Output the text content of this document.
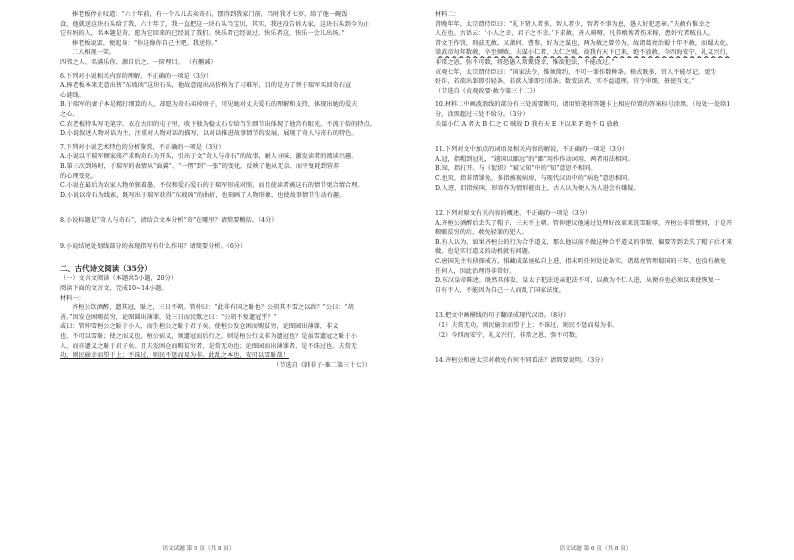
捧老板停止叹道：“六十年前，有一个儿儿去卖奇石，摆得到我家门前，当时我才七岁，给了他一碗饭
食，他就送这块石头给了我，六十年了，我一直把这一块石头当宝贝，其实，我还没告诉大家，这块石头到今为止
它有妈的人，名本题是奇，愿为它回来的已经说了我们。快乐者已经说过，快乐者这，快乐一会儿出场。”
捧老板说罢，便起身：“你这像你自己主吧。我送你。”
二人相视一笑。
四邻之人、名满乐你、源自后之、一阶理目。 （有删减）
6.下列对小说相关内容的理解，不正确的一项是（3分）
A.捧老板本来无意出售“东坡凶”这块石头，他故意提出高价格为了刁难军，目的是为了替于瑞军买回奇石宣
心谜线。
B.于瑞军的妻子本是精打细算的人，却愿为奇石卖掉房子，可见她对丈夫爱石的理解和支持，体现出她的爱夫
之心。
C.农老板特头写毛笔字，衣在古旧的屯子里，收下独为稳丈石专给当生细节出体现了他宫有眼光，不流于俗的特点。
D.小说叙述人物对话为主，注重对人物对话的描写，以对话推进故事情节的发展，展现了奇人与奇石的特色。
7.下列对小说艺术特色的分析鉴赏，不正确的一项是（3分）
A.小说以干瑞军倾家荡产求购奇石为开头，引出于文“奇人与奇石”的故事，耐人寻味，激发读者的阅读兴趣。
B.第三次到场时，于瑞军的表情从“面翼”、“一愣”到“一张”的变化，反映了他从无奈、而平复耗到营养
的心理变化。
C.小说在最后为农家人物单独着墨，不仅和爱石爱石的于瑞军形成对照，而且使读者被这石的情节更合情合理。
D.小说以奇石为线索，既写出于瑞军获得“东坡凶”的曲折，也刻画了人物形象，也使故事情节生动有趣。
8.小说标题是“奇人与奇石”，请结合文本分析“奇”在哪里？请简要概括。（4分）
9.小说结尾处划线部分的表现指写有什么作用？请简要分析。（6分）
二、古代诗文阅读（35分）
（一）文言文阅读（本题共5小题，20分）
阅读下面的文言文，完成10~14小题。
材料一：
齐桓公饮酒醉，遗其冠，耻之，三日不朝。管仲曰：“此非有国之耻也？公胡其不雪之以政？”公曰：“胡
善。”因发仓困赐贫穷，论图圆出薄罪，处三日而民歌之曰：“公胡不复遗冠乎？”
或曰：管仲雪桓公之耻于小人，而生桓公之耻于君子矣。使桓公发仓困而赐贫穷，论图园出薄罪，非义
也，不可以雪耻；使之而义也，桓公宿义，须遗冠而后行之，则是桓公行义非为遗冠也？是虽雪遗冠之耻于小
人，而亦遗义之耻于君子矣。且夫发困仓而赐贫穷者，是赏无功也；论图园而出薄罪者，是不诛过也。夫赏无
功，则民偷幸而望于上；不诛过，则民不惩而易为非。此乱之本也，安可以雪耻哉！
（节选自《韩非子·难二第三十七》）
语文试题 第 5 页（共 8 页）
材料二：
昔晚年年，太宗谓侍臣曰：“礼下贤人者多，智人者少，智者不事为息，愚人好犯恶章。”夫赦有惟幸之
人在也。古语云：‘小人之幸，君子之不幸。’下求赦，善人喑哑。凡养稂莠者伤禾稼，患奸究者贼良人。
昔文王作罚，刑兹无赦。又萧何、曹参，好为之谋也，两为赦之曾劳为。故诸葛亮治蜀十年不赦，而蜀大化。
梁武帝每年数赦，卒至倾败。夫谋小仁者，大仁之贼。故我有天下已来，绝不放赦。今四海安宁，礼义兴行，
非常之恩，弥不可数，将恐愚人常冀侥幸，惟欲犯法，不能改过。”
贞观七年，太宗谓侍臣曰：“国家法令，惟须简约，不可一罪作数种条。格式既多，官人不能尽记，更生
奸诈，若欲出罪即引轻条，若欲入罪即引重条。数变法者，实不益道理，宜令审细，毋使互文。”
（节选自《贞观政要·赦令第三十二》）
10.材料二中画波浪线的部分有三处需要断句，请用铅笔将答题卡上相应位置的答案标号涂黑。（每处一处给1
分，涂黑超过三处不给分。（3分）
夫谋小仁 A 者大 B 仁之 C 贼故 D 我有天 E 下以来 F 绝不 G 放赦
11.下列对文中加点的词语及相关内容的解说，不正确的一项是（3分）
A.冠，指帽到冠礼，“越国以鄙远”的“鄙”用作作动词用，两者用法相同。
B.知，指打开。与《促织》“窥父知”中的“知”意思不相同。
C.也页，指非谓罪免，多指被视病房，与现代汉语中的“病危”意思相同。
D.人迹，旧指侯叫，形容作为情形能贵上，古人认为便人为人进会有嫌疑。
12.下列对原文有关内容的概述，不正确的一项是（3分）
A.齐桓公酒醉后丢失了帽子，三天不上朝。管仲建议他通过处理好改革来洗雪耻辱，齐桓公非常赞同，于是开
粮赈贫穷的后，赦免轻罪的犯人。
B.有人认为，如果齐桓公的行为合乎道义，那么他以前不做这种合乎道义的事情，偏要等到丢失了帽子后才来
做，也是实行道义的动机就有问题。
C.唐国先主有侦探戒方，惧藏成谋诬私自上进，指未听任何处论条实，诸葛亮管理蜀国的三年，也没有赦免
任何人，因此治理得非常好。
D.东汉皇帝陈述，既然具体发，皇太子犯法送亲犯法不可，以赦为不仁人进，从便亦也必须以来使恢复一
自有不人，不能因为自己一人而乱了国家法度。
13.把文中画横线的句子翻译成现代汉语。（8分）
（1）夫赏无功，则民偷幸而望于上；不诛过，则民不惩而易为非。
（2）今四海安宁，礼义兴行，非常之恩，弥不可数。
14.齐桓公和唐太宗对赦免有何不同看法？请简要说明。（3分）
语文试题 第 6 页（共 8 页）
